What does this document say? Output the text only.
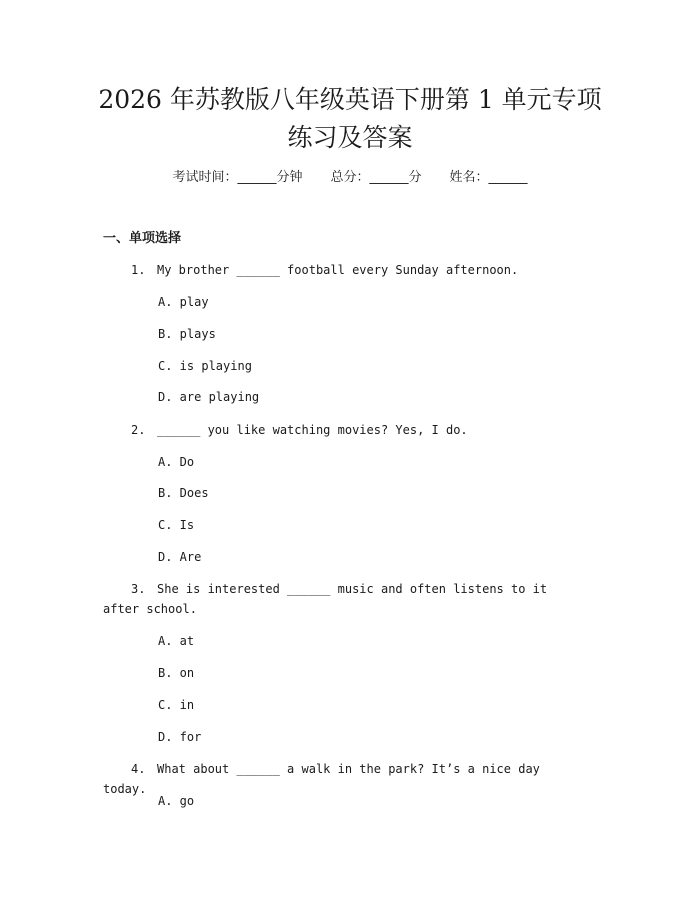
2026 年苏教版八年级英语下册第 1 单元专项
练习及答案
考试时间：______分钟 总分：______分 姓名：______
一、单项选择
1. My brother ______ football every Sunday afternoon.
A. play
B. plays
C. is playing
D. are playing
2. ______ you like watching movies? Yes, I do.
A. Do
B. Does
C. Is
D. Are
3. She is interested ______ music and often listens to it after school.
A. at
B. on
C. in
D. for
4. What about ______ a walk in the park? It’s a nice day today.
A. go
